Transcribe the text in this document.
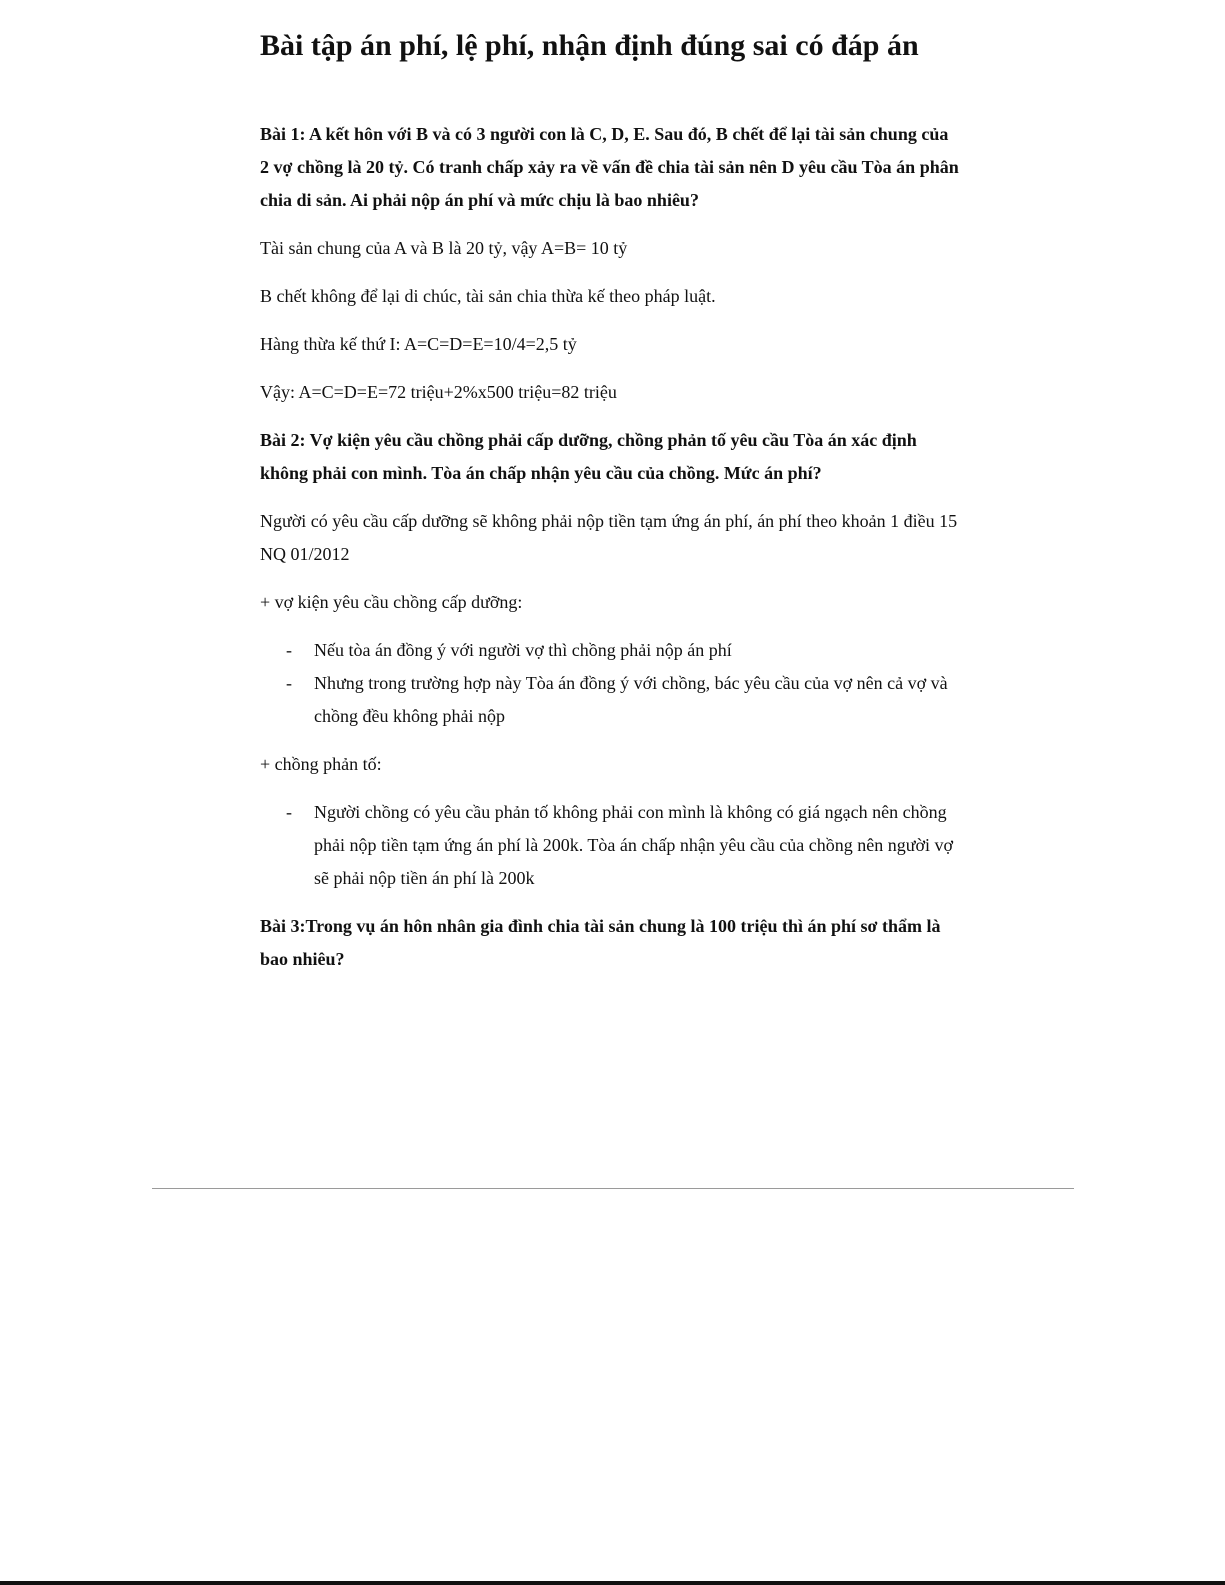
Bài tập án phí, lệ phí, nhận định đúng sai có đáp án

Bài 1: A kết hôn với B và có 3 người con là C, D, E. Sau đó, B chết để lại tài sản chung của 2 vợ chồng là 20 tỷ. Có tranh chấp xảy ra về vấn đề chia tài sản nên D yêu cầu Tòa án phân chia di sản. Ai phải nộp án phí và mức chịu là bao nhiêu?

Tài sản chung của A và B là 20 tỷ, vậy A=B= 10 tỷ

B chết không để lại di chúc, tài sản chia thừa kế theo pháp luật.

Hàng thừa kế thứ I: A=C=D=E=10/4=2,5 tỷ

Vậy: A=C=D=E=72 triệu+2%x500 triệu=82 triệu

Bài 2: Vợ kiện yêu cầu chồng phải cấp dưỡng, chồng phản tố yêu cầu Tòa án xác định không phải con mình. Tòa án chấp nhận yêu cầu của chồng. Mức án phí?

Người có yêu cầu cấp dưỡng sẽ không phải nộp tiền tạm ứng án phí, án phí theo khoản 1 điều 15 NQ 01/2012

+ vợ kiện yêu cầu chồng cấp dưỡng:

- Nếu tòa án đồng ý với người vợ thì chồng phải nộp án phí
- Nhưng trong trường hợp này Tòa án đồng ý với chồng, bác yêu cầu của vợ nên cả vợ và chồng đều không phải nộp

+ chồng phản tố:

- Người chồng có yêu cầu phản tố không phải con mình là không có giá ngạch nên chồng phải nộp tiền tạm ứng án phí là 200k. Tòa án chấp nhận yêu cầu của chồng nên người vợ sẽ phải nộp tiền án phí là 200k

Bài 3:Trong vụ án hôn nhân gia đình chia tài sản chung là 100 triệu thì án phí sơ thẩm là bao nhiêu?
